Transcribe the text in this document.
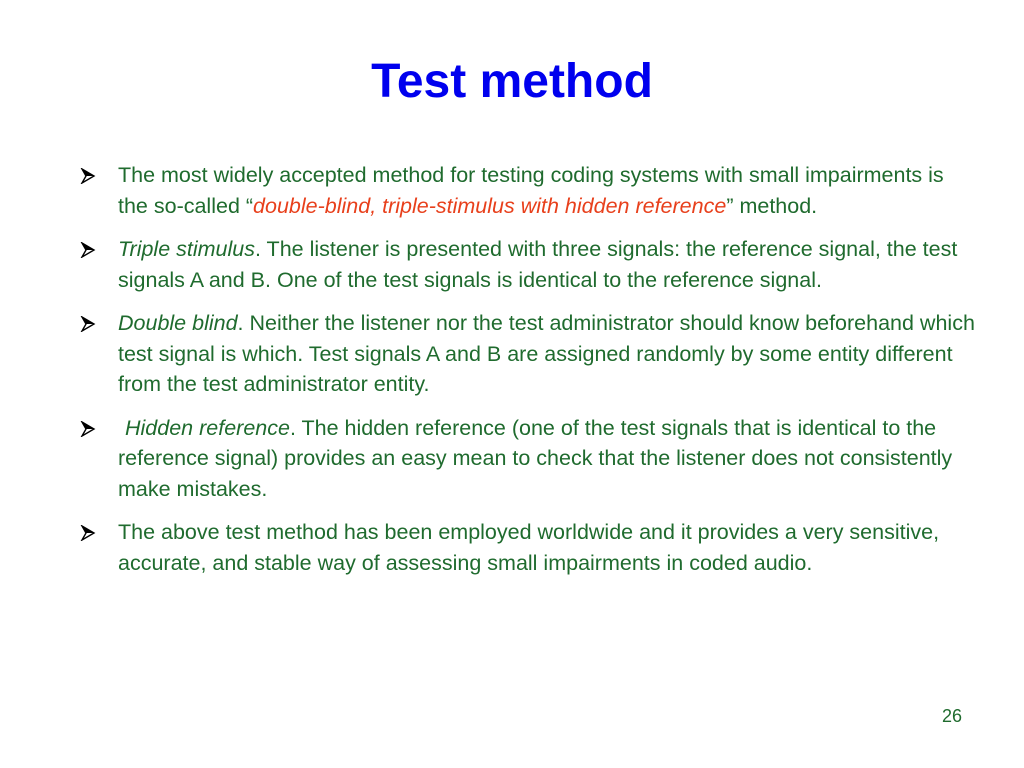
Test method
The most widely accepted method for testing coding systems with small impairments is the so-called “double-blind, triple-stimulus with hidden reference” method.
Triple stimulus. The listener is presented with three signals: the reference signal, the test signals A and B. One of the test signals is identical to the reference signal.
Double blind. Neither the listener nor the test administrator should know beforehand which test signal is which. Test signals A and B are assigned randomly by some entity different from the test administrator entity.
Hidden reference. The hidden reference (one of the test signals that is identical to the reference signal) provides an easy mean to check that the listener does not consistently make mistakes.
The above test method has been employed worldwide and it provides a very sensitive, accurate, and stable way of assessing small impairments in coded audio.
26
